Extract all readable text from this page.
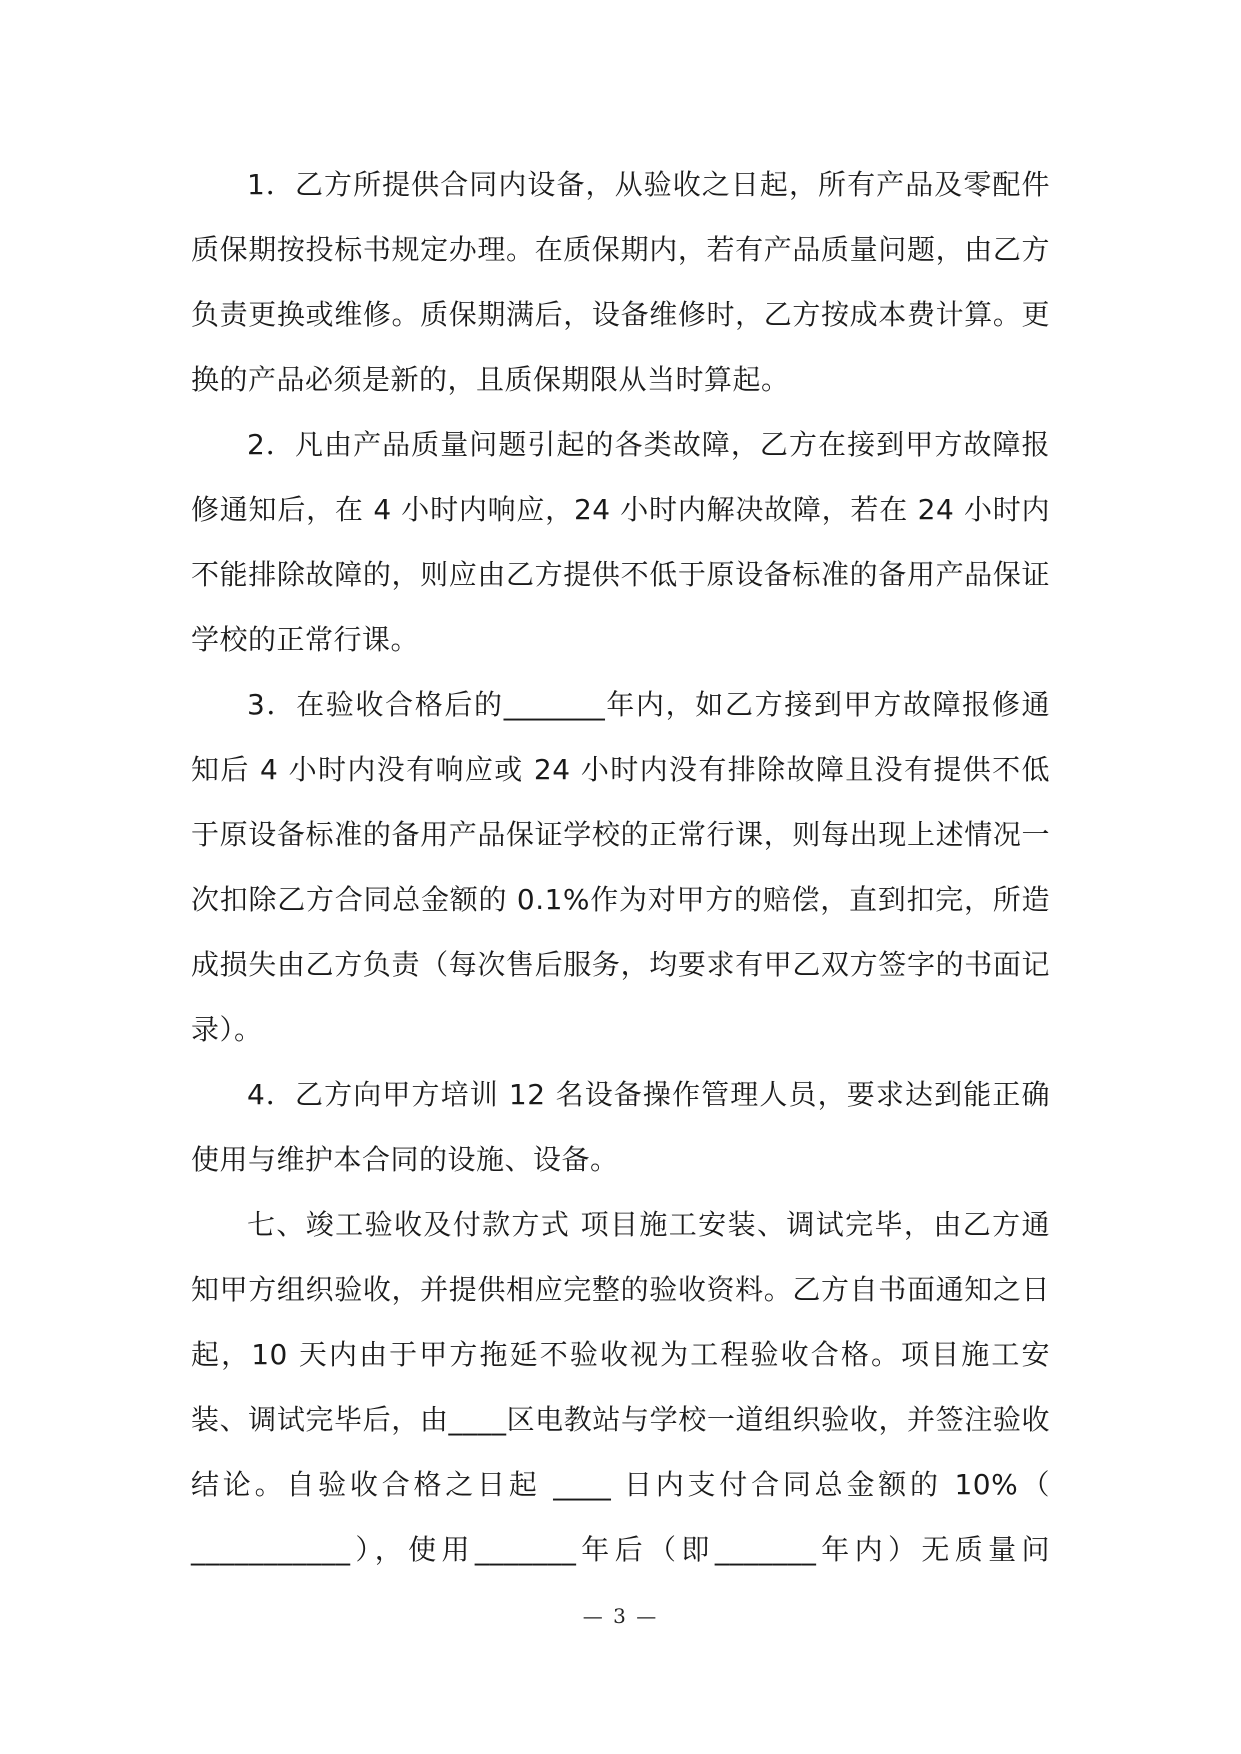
1．乙方所提供合同内设备，从验收之日起，所有产品及零配件质保期按投标书规定办理。在质保期内，若有产品质量问题，由乙方负责更换或维修。质保期满后，设备维修时，乙方按成本费计算。更换的产品必须是新的，且质保期限从当时算起。

2．凡由产品质量问题引起的各类故障，乙方在接到甲方故障报修通知后，在 4 小时内响应，24 小时内解决故障，若在 24 小时内不能排除故障的，则应由乙方提供不低于原设备标准的备用产品保证学校的正常行课。

3．在验收合格后的_______年内，如乙方接到甲方故障报修通知后 4 小时内没有响应或 24 小时内没有排除故障且没有提供不低于原设备标准的备用产品保证学校的正常行课，则每出现上述情况一次扣除乙方合同总金额的 0.1%作为对甲方的赔偿，直到扣完，所造成损失由乙方负责（每次售后服务，均要求有甲乙双方签字的书面记录）。

4．乙方向甲方培训 12 名设备操作管理人员，要求达到能正确使用与维护本合同的设施、设备。

七、竣工验收及付款方式 项目施工安装、调试完毕，由乙方通知甲方组织验收，并提供相应完整的验收资料。乙方自书面通知之日起，10 天内由于甲方拖延不验收视为工程验收合格。项目施工安装、调试完毕后，由____区电教站与学校一道组织验收，并签注验收结论。自验收合格之日起 ____ 日内支付合同总金额的 10%（ ___________），使用_______年后（即_______年内）无质量问

— 3 —
